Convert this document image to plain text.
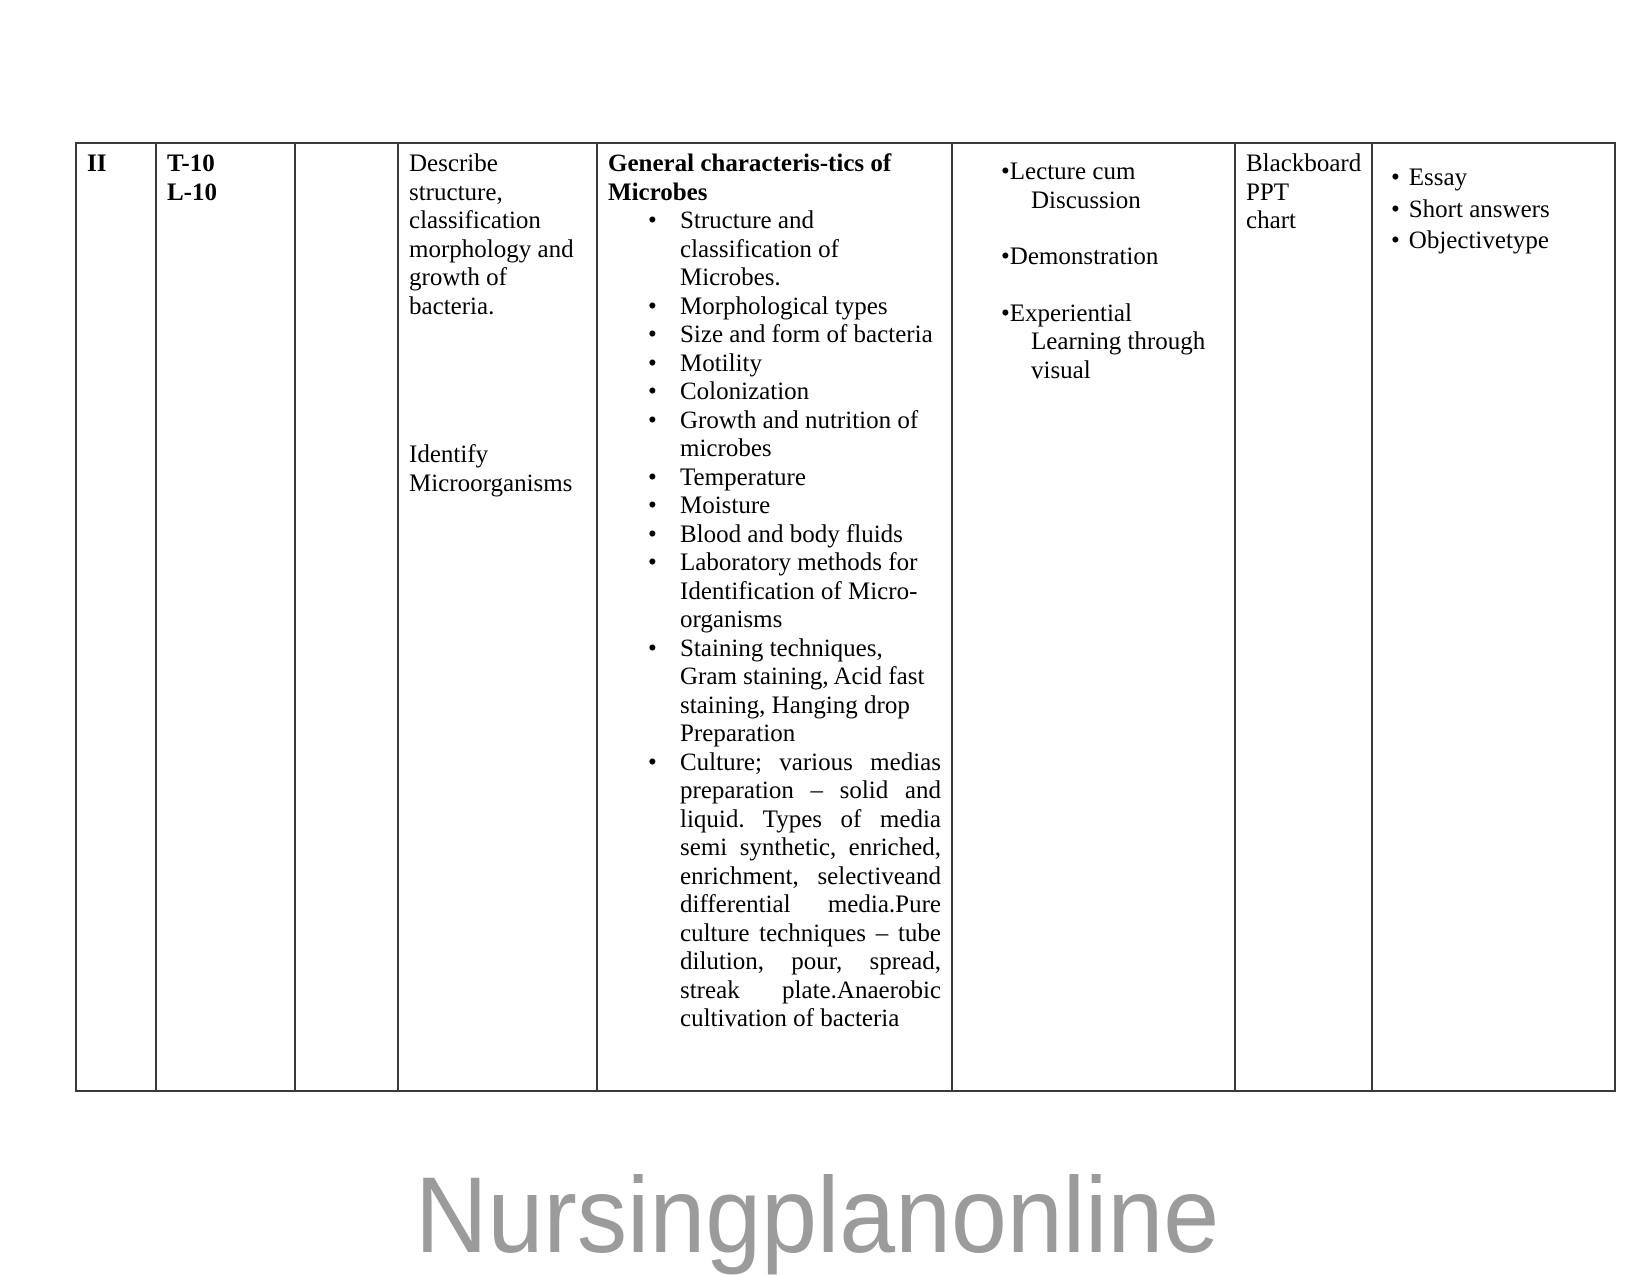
II	T-10
L-10

Describe structure, classification morphology and growth of bacteria.

Identify Microorganisms

General characteris-tics of Microbes
• Structure and classification of Microbes.
• Morphological types
• Size and form of bacteria
• Motility
• Colonization
• Growth and nutrition of microbes
• Temperature
• Moisture
• Blood and body fluids
• Laboratory methods for Identification of Micro-organisms
• Staining techniques, Gram staining, Acid fast staining, Hanging drop Preparation
• Culture; various medias preparation – solid and liquid. Types of media semi synthetic, enriched, enrichment, selectiveand differential media.Pure culture techniques – tube dilution, pour, spread, streak plate.Anaerobic cultivation of bacteria
•Lecture cum Discussion
•Demonstration
•Experiential Learning through visual
Blackboard
PPT
chart
• Essay
• Short answers
• Objectivetype
Nursingplanonline
